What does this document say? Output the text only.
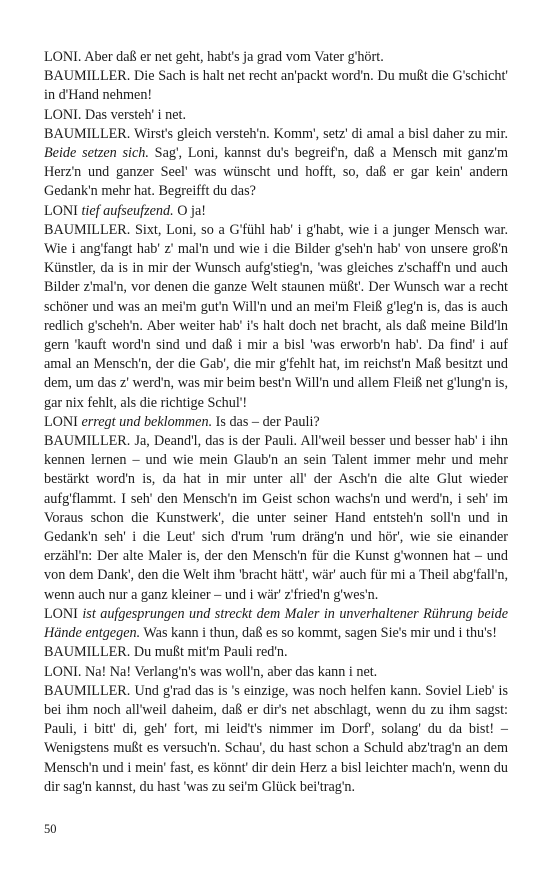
LONI. Aber daß er net geht, habt's ja grad vom Vater g'hört.

BAUMILLER. Die Sach is halt net recht an'packt word'n. Du mußt die G'schicht' in d'Hand nehmen!

LONI. Das versteh' i net.

BAUMILLER. Wirst's gleich versteh'n. Komm', setz' di amal a bisl daher zu mir. Beide setzen sich. Sag', Loni, kannst du's begreif'n, daß a Mensch mit ganz'm Herz'n und ganzer Seel' was wünscht und hofft, so, daß er gar kein' andern Gedank'n mehr hat. Begreifft du das?

LONI tief aufseufzend. O ja!

BAUMILLER. Sixt, Loni, so a G'fühl hab' i g'habt, wie i a junger Mensch war. Wie i ang'fangt hab' z' mal'n und wie i die Bilder g'seh'n hab' von unsere groß'n Künstler, da is in mir der Wunsch aufg'stieg'n, 'was gleiches z'schaff'n und auch Bilder z'mal'n, vor denen die ganze Welt staunen müßt'. Der Wunsch war a recht schöner und was an mei'm gut'n Will'n und an mei'm Fleiß g'leg'n is, das is auch redlich g'scheh'n. Aber weiter hab' i's halt doch net bracht, als daß meine Bild'ln gern 'kauft word'n sind und daß i mir a bisl 'was erworb'n hab'. Da find' i auf amal an Mensch'n, der die Gab', die mir g'fehlt hat, im reichst'n Maß besitzt und dem, um das z' werd'n, was mir beim best'n Will'n und allem Fleiß net g'lung'n is, gar nix fehlt, als die richtige Schul'!

LONI erregt und beklommen. Is das – der Pauli?

BAUMILLER. Ja, Deand'l, das is der Pauli. All'weil besser und besser hab' i ihn kennen lernen – und wie mein Glaub'n an sein Talent immer mehr und mehr bestärkt word'n is, da hat in mir unter all' der Asch'n die alte Glut wieder aufg'flammt. I seh' den Mensch'n im Geist schon wachs'n und werd'n, i seh' im Voraus schon die Kunstwerk', die unter seiner Hand entsteh'n soll'n und in Gedank'n seh' i die Leut' sich d'rum 'rum dräng'n und hör', wie sie einander erzähl'n: Der alte Maler is, der den Mensch'n für die Kunst g'wonnen hat – und von dem Dank', den die Welt ihm 'bracht hätt', wär' auch für mi a Theil abg'fall'n, wenn auch nur a ganz kleiner – und i wär' z'fried'n g'wes'n.

LONI ist aufgesprungen und streckt dem Maler in unverhaltener Rührung beide Hände entgegen. Was kann i thun, daß es so kommt, sagen Sie's mir und i thu's!

BAUMILLER. Du mußt mit'm Pauli red'n.

LONI. Na! Na! Verlang'n's was woll'n, aber das kann i net.

BAUMILLER. Und g'rad das is 's einzige, was noch helfen kann. Soviel Lieb' is bei ihm noch all'weil daheim, daß er dir's net abschlagt, wenn du zu ihm sagst: Pauli, i bitt' di, geh' fort, mi leid't's nimmer im Dorf', solang' du da bist! – Wenigstens mußt es versuch'n. Schau', du hast schon a Schuld abz'trag'n an dem Mensch'n und i mein' fast, es könnt' dir dein Herz a bisl leichter mach'n, wenn du dir sag'n kannst, du hast 'was zu sei'm Glück bei'trag'n.

50
